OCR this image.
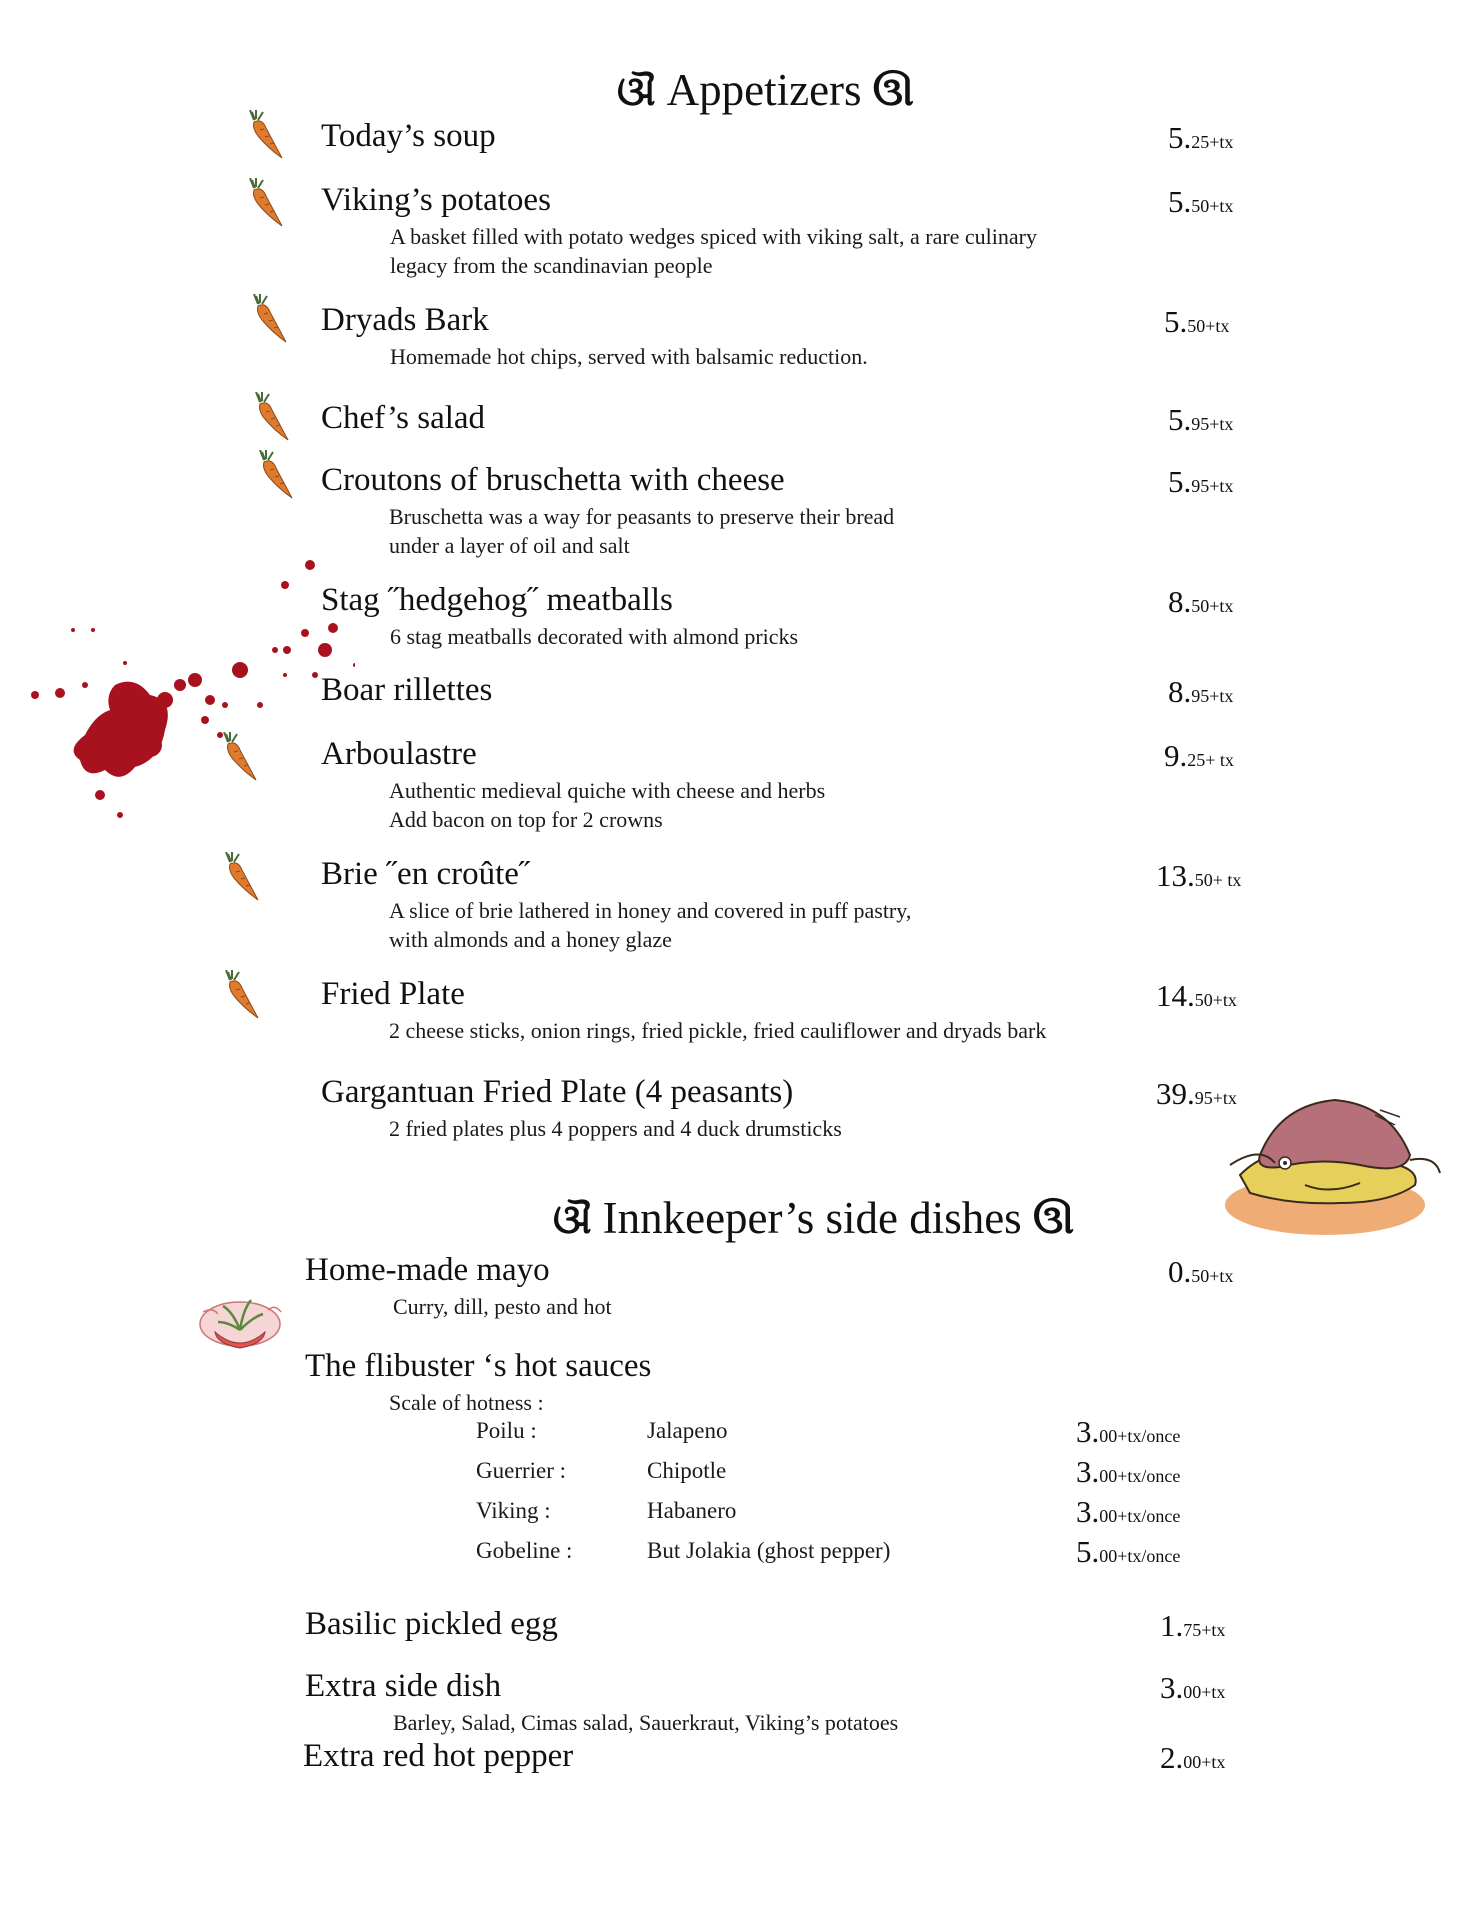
ଔ Appetizers ઊ
Today’s soup	5.25+tx
Viking’s potatoes	5.50+tx
A basket filled with potato wedges spiced with viking salt, a rare culinary
legacy from the scandinavian people
Dryads Bark	5.50+tx
Homemade hot chips, served with balsamic reduction.
Chef’s salad	5.95+tx
Croutons of bruschetta with cheese	5.95+tx
Bruschetta was a way for peasants to preserve their bread
under a layer of oil and salt
Stag ˝hedgehog˝ meatballs	8.50+tx
6 stag meatballs decorated with almond pricks
Boar rillettes	8.95+tx
Arboulastre	9.25+ tx
Authentic medieval quiche with cheese and herbs
Add bacon on top for 2 crowns
Brie ˝en croûte˝	13.50+ tx
A slice of brie lathered in honey and covered in puff pastry,
with almonds and a honey glaze
Fried Plate	14.50+tx
2 cheese sticks, onion rings, fried pickle, fried cauliflower and dryads bark
Gargantuan Fried Plate (4 peasants)	39.95+tx
2 fried plates plus 4 poppers and 4 duck drumsticks
ଔ Innkeeper’s side dishes ઊ
Home-made mayo	0.50+tx
Curry, dill, pesto and hot
The flibuster ‘s hot sauces
Scale of hotness :
Poilu :	Jalapeno	3.00+tx/once
Guerrier :	Chipotle	3.00+tx/once
Viking :	Habanero	3.00+tx/once
Gobeline :	But Jolakia (ghost pepper)	5.00+tx/once
Basilic pickled egg	1.75+tx
Extra side dish	3.00+tx
Barley, Salad, Cimas salad, Sauerkraut, Viking’s potatoes
Extra red hot pepper	2.00+tx
